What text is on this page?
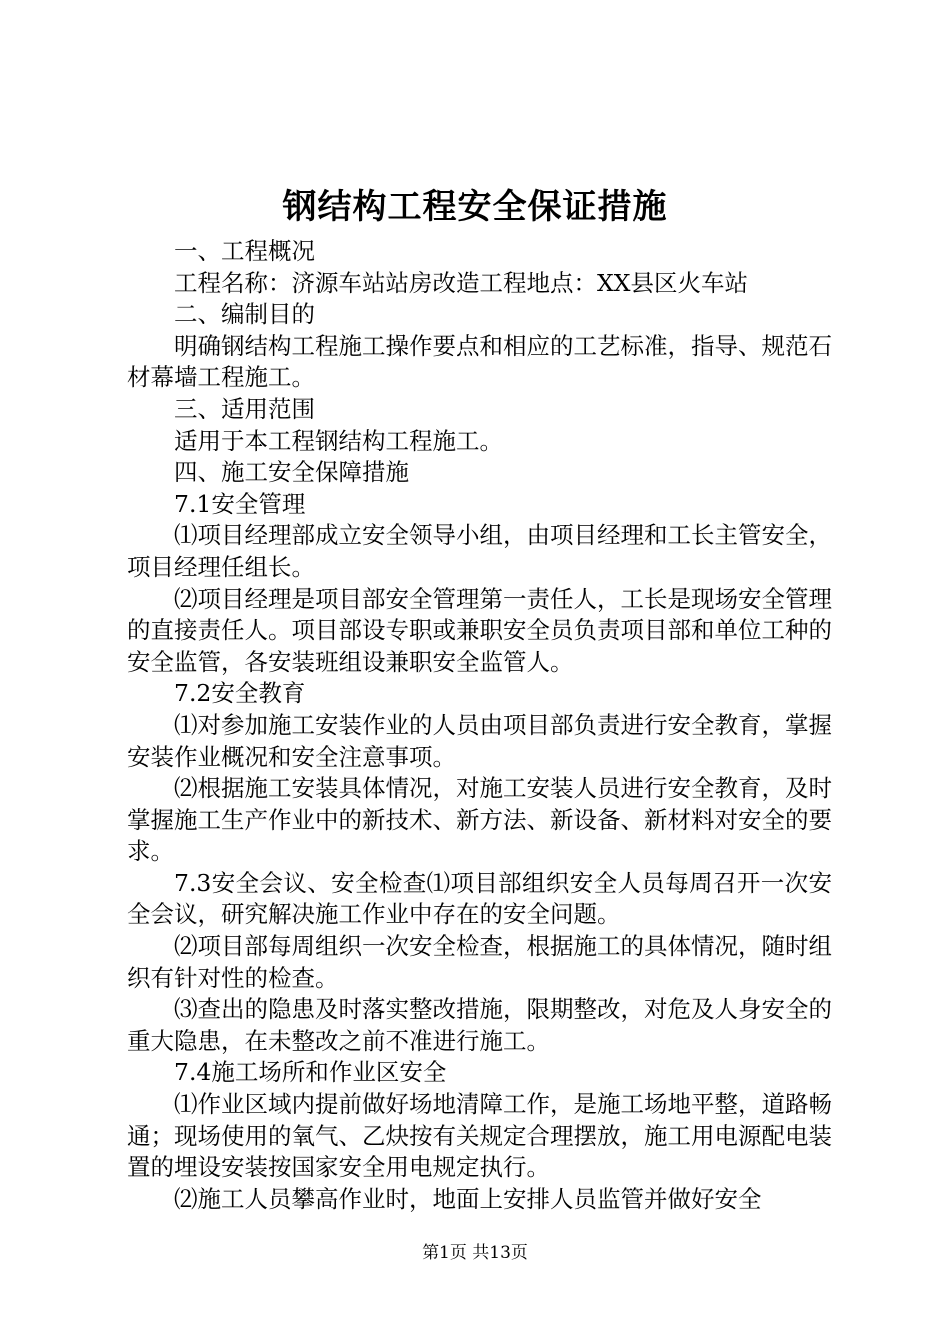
钢结构工程安全保证措施

一、工程概况

工程名称：济源车站站房改造工程地点：XX县区火车站

二、编制目的

明确钢结构工程施工操作要点和相应的工艺标准，指导、规范石材幕墙工程施工。

三、适用范围

适用于本工程钢结构工程施工。

四、施工安全保障措施

7.1安全管理

⑴项目经理部成立安全领导小组，由项目经理和工长主管安全，项目经理任组长。

⑵项目经理是项目部安全管理第一责任人，工长是现场安全管理的直接责任人。项目部设专职或兼职安全员负责项目部和单位工种的安全监管，各安装班组设兼职安全监管人。

7.2安全教育

⑴对参加施工安装作业的人员由项目部负责进行安全教育，掌握安装作业概况和安全注意事项。

⑵根据施工安装具体情况，对施工安装人员进行安全教育，及时掌握施工生产作业中的新技术、新方法、新设备、新材料对安全的要求。

7.3安全会议、安全检查⑴项目部组织安全人员每周召开一次安全会议，研究解决施工作业中存在的安全问题。

⑵项目部每周组织一次安全检查，根据施工的具体情况，随时组织有针对性的检查。

⑶查出的隐患及时落实整改措施，限期整改，对危及人身安全的重大隐患，在未整改之前不准进行施工。

7.4施工场所和作业区安全

⑴作业区域内提前做好场地清障工作，是施工场地平整，道路畅通；现场使用的氧气、乙炔按有关规定合理摆放，施工用电源配电装置的埋设安装按国家安全用电规定执行。

⑵施工人员攀高作业时，地面上安排人员监管并做好安全

第1页 共13页
